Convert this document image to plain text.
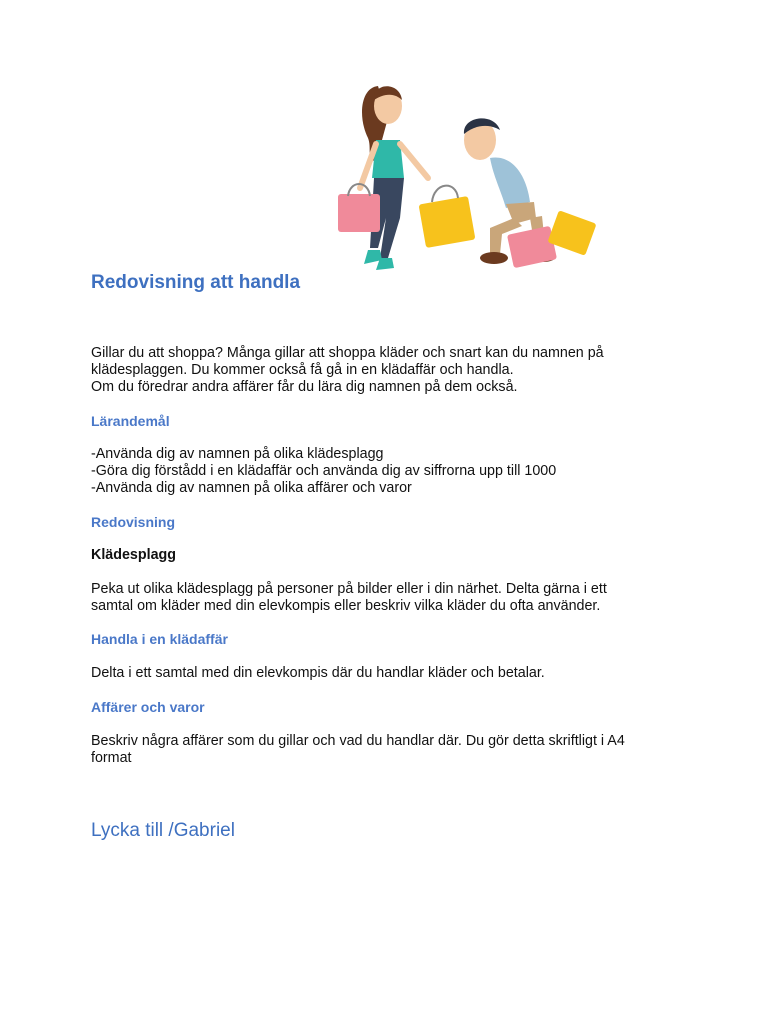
Redovisning att handla

Gillar du att shoppa? Många gillar att shoppa kläder och snart kan du namnen på
klädesplaggen. Du kommer också få gå in en klädaffär och handla.
Om du föredrar andra affärer får du lära dig namnen på dem också.

Lärandemål

-Använda dig av namnen på olika klädesplagg
-Göra dig förstådd i en klädaffär och använda dig av siffrorna upp till 1000
-Använda dig av namnen på olika affärer och varor

Redovisning
Klädesplagg

Peka ut olika klädesplagg på personer på bilder eller i din närhet. Delta gärna i ett
samtal om kläder med din elevkompis eller beskriv vilka kläder du ofta använder.

Handla i en klädaffär

Delta i ett samtal med din elevkompis där du handlar kläder och betalar.

Affärer och varor

Beskriv några affärer som du gillar och vad du handlar där. Du gör detta skriftligt i A4
format

Lycka till /Gabriel
